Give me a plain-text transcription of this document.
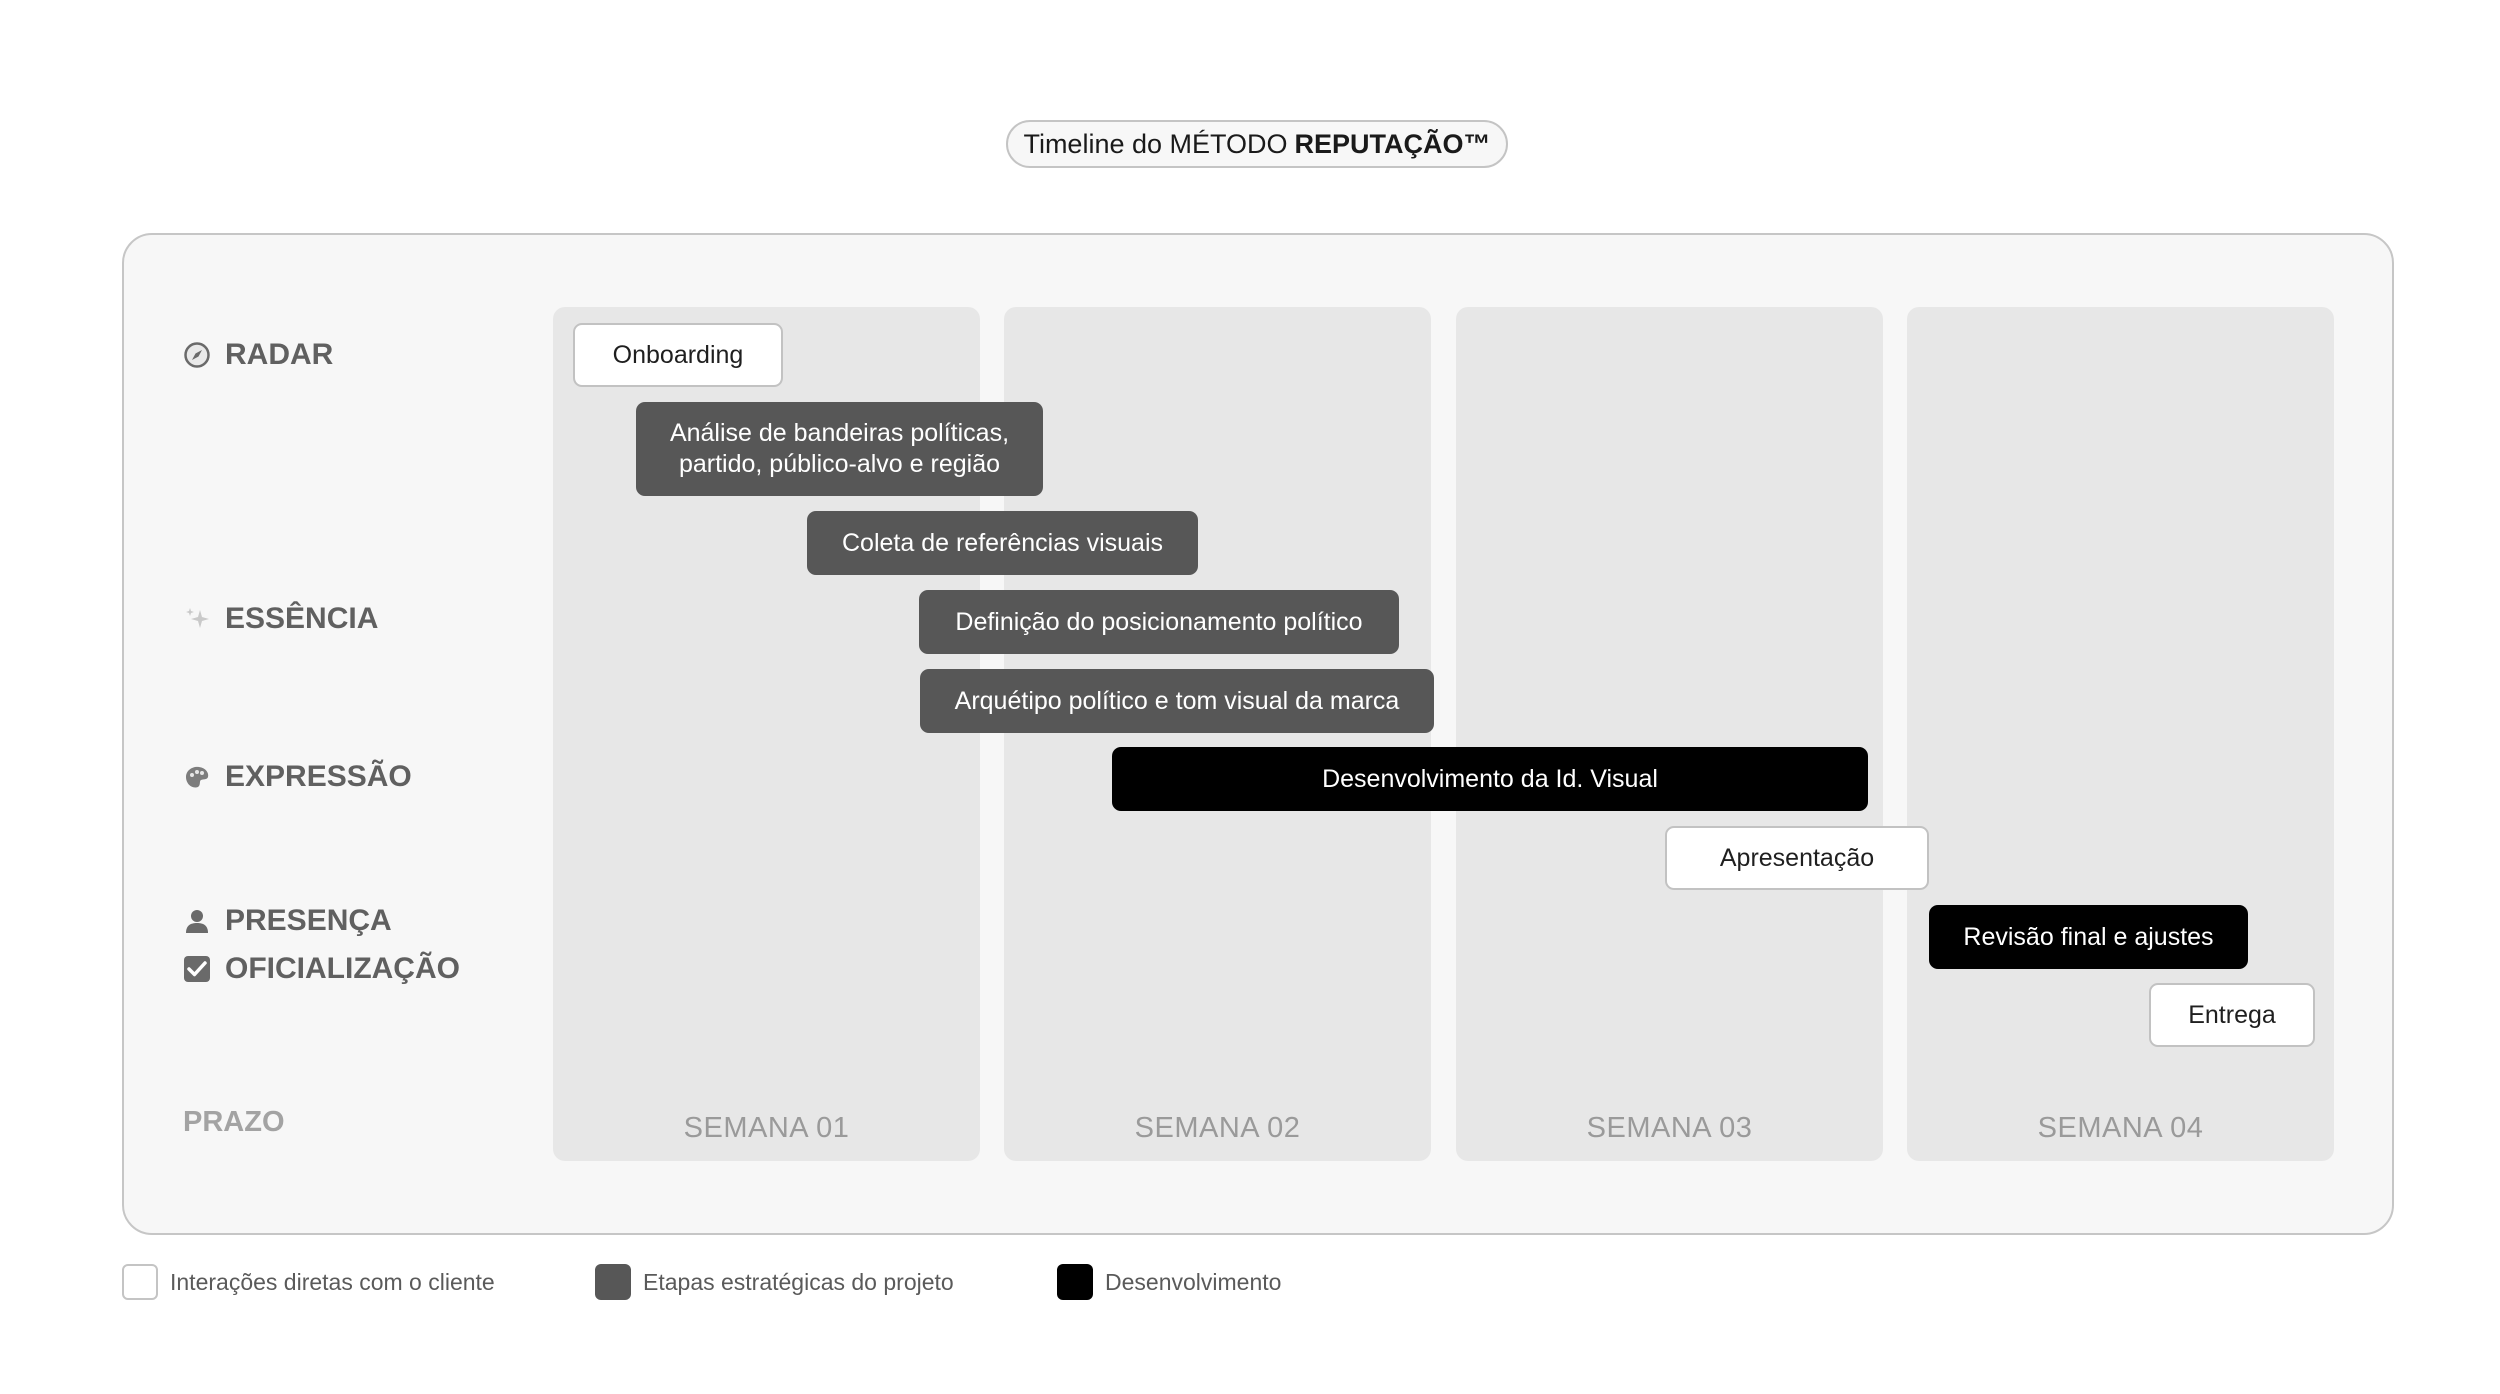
Timeline do MÉTODO REPUTAÇÃO™
SEMANA 01	SEMANA 02	SEMANA 03	SEMANA 04
RADAR
ESSÊNCIA
EXPRESSÃO
PRESENÇA
OFICIALIZAÇÃO
PRAZO
Onboarding
Análise de bandeiras políticas,
partido, público-alvo e região
Coleta de referências visuais
Definição do posicionamento político
Arquétipo político e tom visual da marca
Desenvolvimento da Id. Visual
Apresentação
Revisão final e ajustes
Entrega
Interações diretas com o cliente	Etapas estratégicas do projeto	Desenvolvimento
